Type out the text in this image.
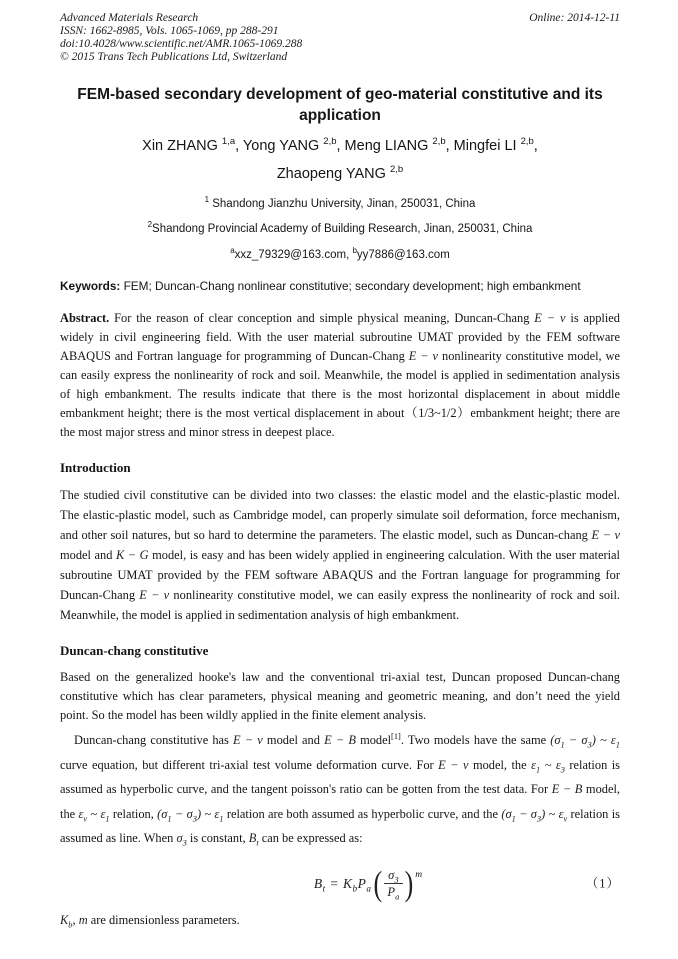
Advanced Materials Research
ISSN: 1662-8985, Vols. 1065-1069, pp 288-291
doi:10.4028/www.scientific.net/AMR.1065-1069.288
© 2015 Trans Tech Publications Ltd, Switzerland
Online: 2014-12-11
FEM-based secondary development of geo-material constitutive and its application
Xin ZHANG $^{1,a}$, Yong YANG $^{2,b}$, Meng LIANG $^{2,b}$, Mingfei LI $^{2,b}$,
Zhaopeng YANG $^{2,b}$
$^1$ Shandong Jianzhu University, Jinan, 250031, China
$^2$Shandong Provincial Academy of Building Research, Jinan, 250031, China
$^a$xxz_79329@163.com, $^b$yy7886@163.com
Keywords: FEM; Duncan-Chang nonlinear constitutive; secondary development; high embankment
Abstract. For the reason of clear conception and simple physical meaning, Duncan-Chang E − v is applied widely in civil engineering field. With the user material subroutine UMAT provided by the FEM software ABAQUS and Fortran language for programming of Duncan-Chang E − v nonlinearity constitutive model, we can easily express the nonlinearity of rock and soil. Meanwhile, the model is applied in sedimentation analysis of high embankment. The results indicate that there is the most horizontal displacement in about middle embankment height; there is the most vertical displacement in about（1/3~1/2）embankment height; there are the most major stress and minor stress in deepest place.
Introduction
The studied civil constitutive can be divided into two classes: the elastic model and the elastic-plastic model. The elastic-plastic model, such as Cambridge model, can properly simulate soil deformation, force mechanism, and other soil natures, but so hard to determine the parameters. The elastic model, such as Duncan-chang E − v model and K − G model, is easy and has been widely applied in engineering calculation. With the user material subroutine UMAT provided by the FEM software ABAQUS and the Fortran language for programming for Duncan-Chang E − v nonlinearity constitutive model, we can easily express the nonlinearity of rock and soil. Meanwhile, the model is applied in sedimentation analysis of high embankment.
Duncan-chang constitutive
Based on the generalized hooke's law and the conventional tri-axial test, Duncan proposed Duncan-chang constitutive which has clear parameters, physical meaning and geometric meaning, and don’t need the yield point. So the model has been wildly applied in the finite element analysis.
Duncan-chang constitutive has E − v model and E − B model[1]. Two models have the same $(\sigma_1 - \sigma_3)$ ~ $\varepsilon_1$ curve equation, but different tri-axial test volume deformation curve. For E − v model, the $\varepsilon_1$ ~ $\varepsilon_3$ relation is assumed as hyperbolic curve, and the tangent poisson's ratio can be gotten from the test data. For E − B model, the $\varepsilon_v$ ~ $\varepsilon_1$ relation, $(\sigma_1 - \sigma_3)$ ~ $\varepsilon_1$ relation are both assumed as hyperbolic curve, and the $(\sigma_1 - \sigma_3)$ ~ $\varepsilon_v$ relation is assumed as line. When $\sigma_3$ is constant, $B_t$ can be expressed as:
$B_t = K_bP_a$ ( $\frac{\sigma_3}{P_a}$ ) m
（1）
$K_b$, m are dimensionless parameters.
